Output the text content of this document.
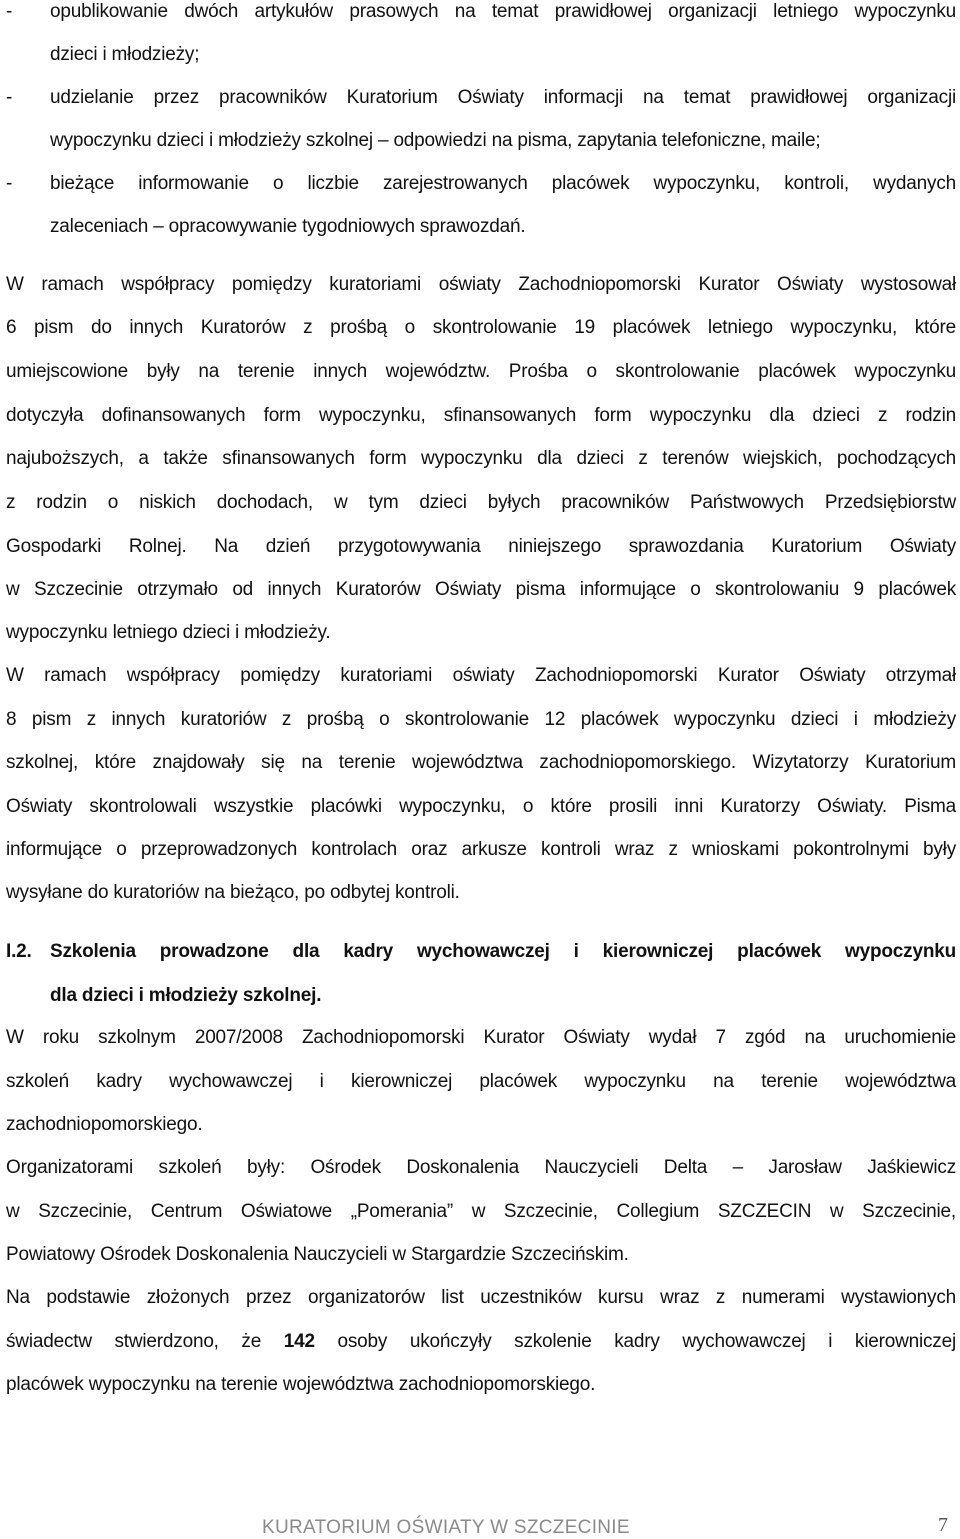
- opublikowanie dwóch artykułów prasowych na temat prawidłowej organizacji letniego wypoczynku
dzieci i młodzieży;
- udzielanie przez pracowników Kuratorium Oświaty informacji na temat prawidłowej organizacji
wypoczynku dzieci i młodzieży szkolnej – odpowiedzi na pisma, zapytania telefoniczne, maile;
- bieżące informowanie o liczbie zarejestrowanych placówek wypoczynku, kontroli, wydanych
zaleceniach – opracowywanie tygodniowych sprawozdań.
W ramach współpracy pomiędzy kuratoriami oświaty Zachodniopomorski Kurator Oświaty wystosował
6 pism do innych Kuratorów z prośbą o skontrolowanie 19 placówek letniego wypoczynku, które
umiejscowione były na terenie innych województw. Prośba o skontrolowanie placówek wypoczynku
dotyczyła dofinansowanych form wypoczynku, sfinansowanych form wypoczynku dla dzieci z rodzin
najuboższych, a także sfinansowanych form wypoczynku dla dzieci z terenów wiejskich, pochodzących
z rodzin o niskich dochodach, w tym dzieci byłych pracowników Państwowych Przedsiębiorstw
Gospodarki Rolnej. Na dzień przygotowywania niniejszego sprawozdania Kuratorium Oświaty
w Szczecinie otrzymało od innych Kuratorów Oświaty pisma informujące o skontrolowaniu 9 placówek
wypoczynku letniego dzieci i młodzieży.
W ramach współpracy pomiędzy kuratoriami oświaty Zachodniopomorski Kurator Oświaty otrzymał
8 pism z innych kuratoriów z prośbą o skontrolowanie 12 placówek wypoczynku dzieci i młodzieży
szkolnej, które znajdowały się na terenie województwa zachodniopomorskiego. Wizytatorzy Kuratorium
Oświaty skontrolowali wszystkie placówki wypoczynku, o które prosili inni Kuratorzy Oświaty. Pisma
informujące o przeprowadzonych kontrolach oraz arkusze kontroli wraz z wnioskami pokontrolnymi były
wysyłane do kuratoriów na bieżąco, po odbytej kontroli.
I.2. Szkolenia prowadzone dla kadry wychowawczej i kierowniczej placówek wypoczynku
dla dzieci i młodzieży szkolnej.
W roku szkolnym 2007/2008 Zachodniopomorski Kurator Oświaty wydał 7 zgód na uruchomienie
szkoleń kadry wychowawczej i kierowniczej placówek wypoczynku na terenie województwa
zachodniopomorskiego.
Organizatorami szkoleń były: Ośrodek Doskonalenia Nauczycieli Delta – Jarosław Jaśkiewicz
w Szczecinie, Centrum Oświatowe „Pomerania” w Szczecinie, Collegium SZCZECIN w Szczecinie,
Powiatowy Ośrodek Doskonalenia Nauczycieli w Stargardzie Szczecińskim.
Na podstawie złożonych przez organizatorów list uczestników kursu wraz z numerami wystawionych
świadectw stwierdzono, że 142 osoby ukończyły szkolenie kadry wychowawczej i kierowniczej
placówek wypoczynku na terenie województwa zachodniopomorskiego.
KURATORIUM OŚWIATY W SZCZECINIE	7
